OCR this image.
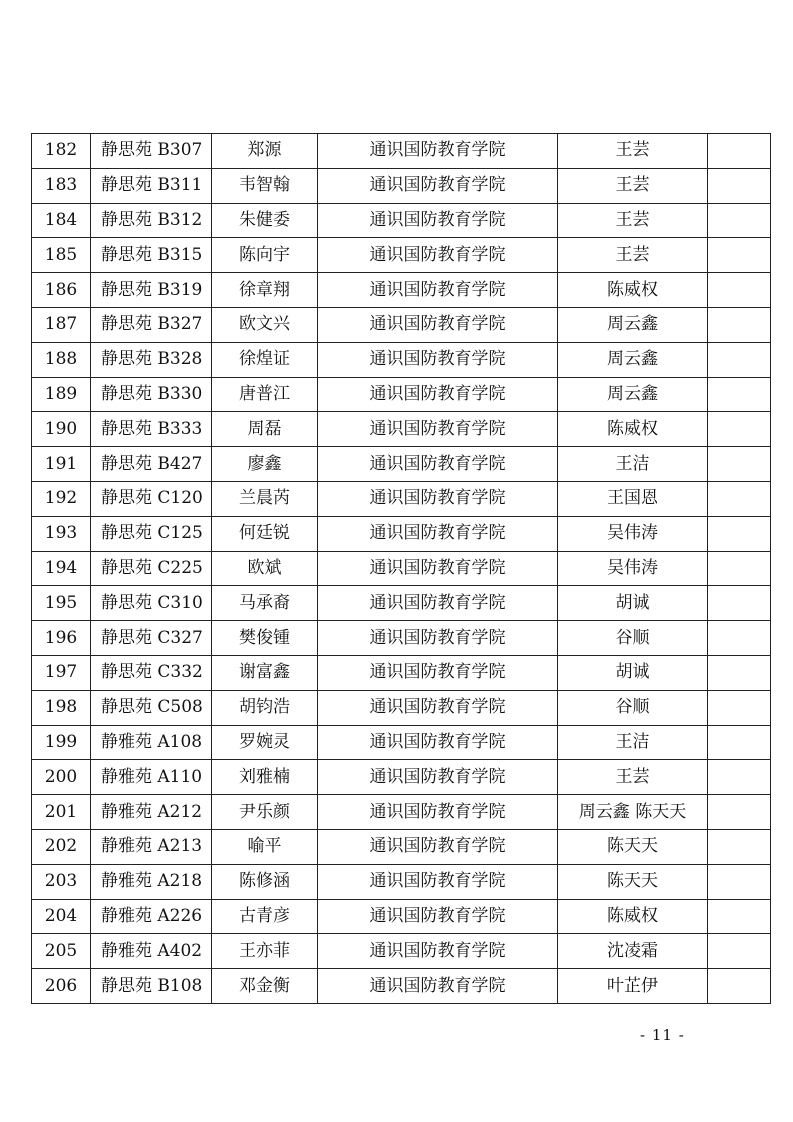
182	静思苑 B307	郑源	通识国防教育学院	王芸	
183	静思苑 B311	韦智翰	通识国防教育学院	王芸	
184	静思苑 B312	朱健委	通识国防教育学院	王芸	
185	静思苑 B315	陈向宇	通识国防教育学院	王芸	
186	静思苑 B319	徐章翔	通识国防教育学院	陈威权	
187	静思苑 B327	欧文兴	通识国防教育学院	周云鑫	
188	静思苑 B328	徐煌证	通识国防教育学院	周云鑫	
189	静思苑 B330	唐普江	通识国防教育学院	周云鑫	
190	静思苑 B333	周磊	通识国防教育学院	陈威权	
191	静思苑 B427	廖鑫	通识国防教育学院	王洁	
192	静思苑 C120	兰晨芮	通识国防教育学院	王国恩	
193	静思苑 C125	何廷锐	通识国防教育学院	吴伟涛	
194	静思苑 C225	欧斌	通识国防教育学院	吴伟涛	
195	静思苑 C310	马承裔	通识国防教育学院	胡诚	
196	静思苑 C327	樊俊锺	通识国防教育学院	谷顺	
197	静思苑 C332	谢富鑫	通识国防教育学院	胡诚	
198	静思苑 C508	胡钧浩	通识国防教育学院	谷顺	
199	静雅苑 A108	罗婉灵	通识国防教育学院	王洁	
200	静雅苑 A110	刘雅楠	通识国防教育学院	王芸	
201	静雅苑 A212	尹乐颜	通识国防教育学院	周云鑫 陈天天	
202	静雅苑 A213	喻平	通识国防教育学院	陈天天	
203	静雅苑 A218	陈修涵	通识国防教育学院	陈天天	
204	静雅苑 A226	古青彦	通识国防教育学院	陈威权	
205	静雅苑 A402	王亦菲	通识国防教育学院	沈凌霜	
206	静思苑 B108	邓金衡	通识国防教育学院	叶芷伊	
- 11 -
